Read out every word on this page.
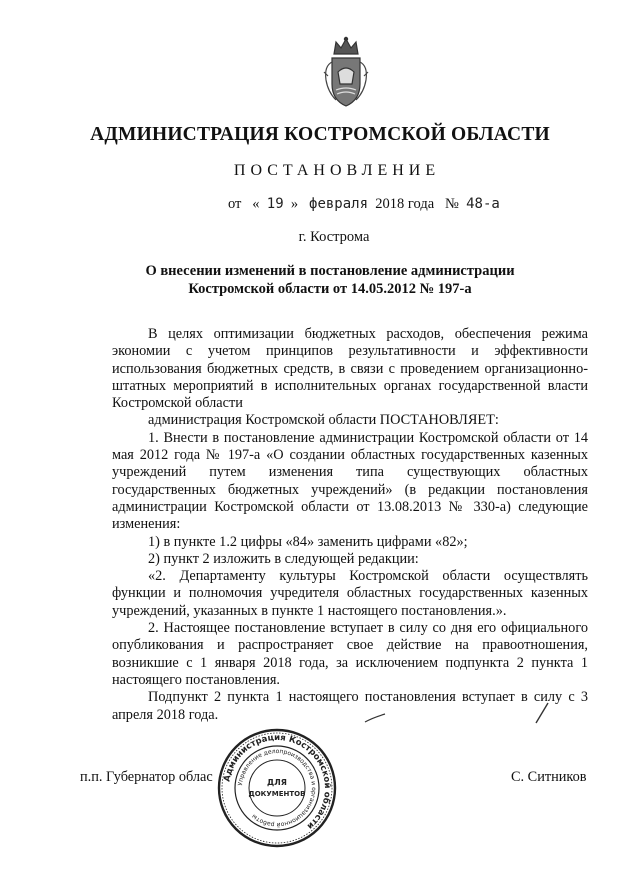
АДМИНИСТРАЦИЯ КОСТРОМСКОЙ ОБЛАСТИ
ПОСТАНОВЛЕНИЕ
от « 19 » февраля 2018 года № 48-а
г. Кострома
О внесении изменений в постановление администрации
Костромской области от 14.05.2012 № 197-а

В целях оптимизации бюджетных расходов, обеспечения режима экономии с учетом принципов результативности и эффективности использования бюджетных средств, в связи с проведением организационно-штатных мероприятий в исполнительных органах государственной власти Костромской области

администрация Костромской области ПОСТАНОВЛЯЕТ:

1. Внести в постановление администрации Костромской области от 14 мая 2012 года № 197-а «О создании областных государственных казенных учреждений путем изменения типа существующих областных государственных бюджетных учреждений» (в редакции постановления администрации Костромской области от 13.08.2013 № 330-а) следующие изменения:

1) в пункте 1.2 цифры «84» заменить цифрами «82»;

2) пункт 2 изложить в следующей редакции:

«2. Департаменту культуры Костромской области осуществлять функции и полномочия учредителя областных государственных казенных учреждений, указанных в пункте 1 настоящего постановления.».

2. Настоящее постановление вступает в силу со дня его официального опубликования и распространяет свое действие на правоотношения, возникшие с 1 января 2018 года, за исключением подпункта 2 пункта 1 настоящего постановления.

Подпункт 2 пункта 1 настоящего постановления вступает в силу с 3 апреля 2018 года.

п.п. Губернатор облас	С. Ситников
Администрация Костромской области
Управление делопроизводства и организационной работы
ДЛЯ
ДОКУМЕНТОВ
